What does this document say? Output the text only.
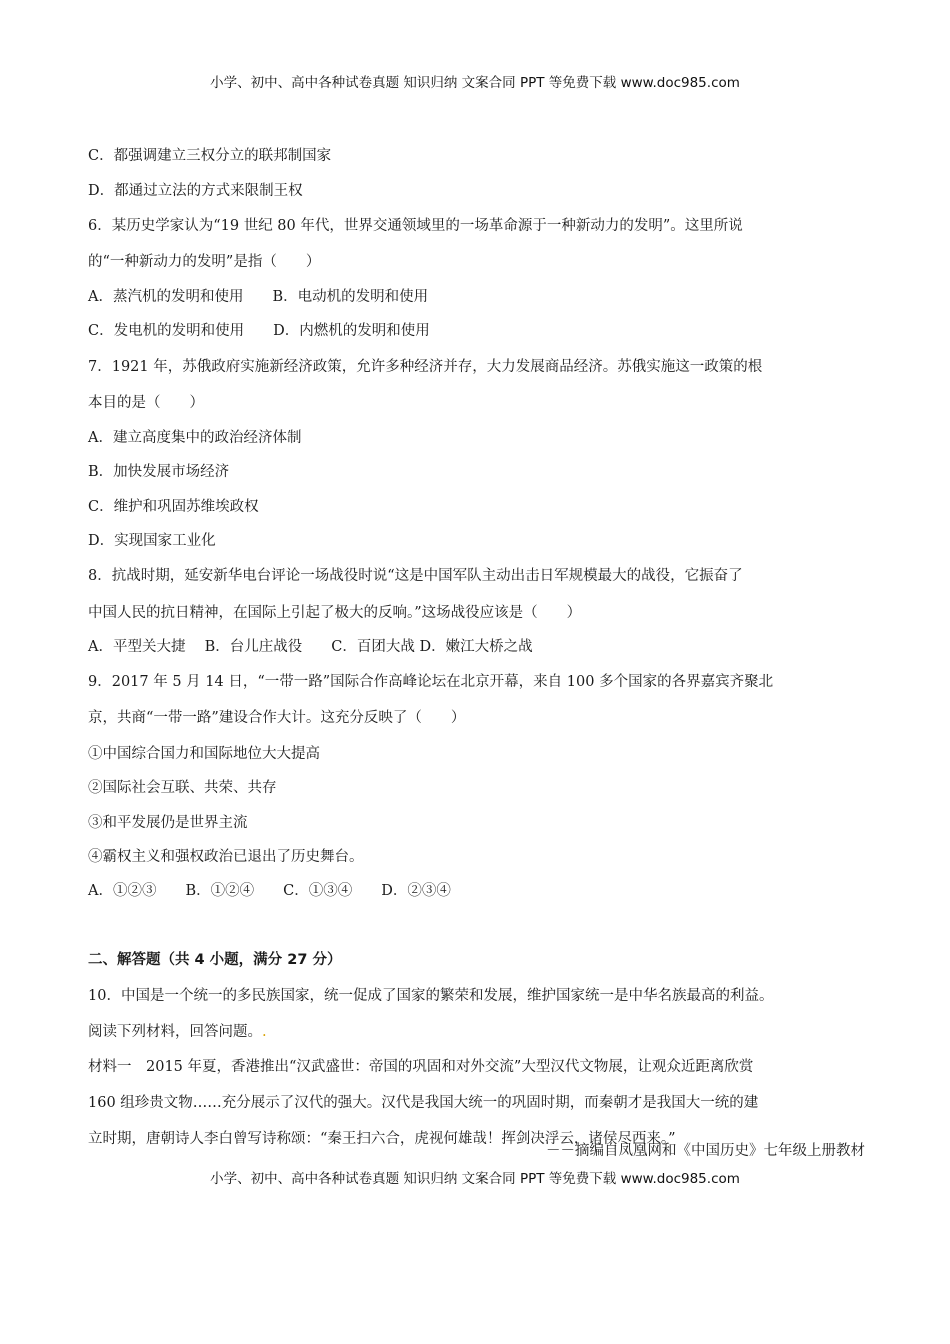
小学、初中、高中各种试卷真题 知识归纳 文案合同 PPT 等免费下载 www.doc985.com
C．都强调建立三权分立的联邦制国家
D．都通过立法的方式来限制王权
6．某历史学家认为“19 世纪 80 年代，世界交通领域里的一场革命源于一种新动力的发明”。这里所说
的“一种新动力的发明”是指（　　）
A．蒸汽机的发明和使用　　B．电动机的发明和使用
C．发电机的发明和使用　　D．内燃机的发明和使用
7．1921 年，苏俄政府实施新经济政策，允许多种经济并存，大力发展商品经济。苏俄实施这一政策的根
本目的是（　　）
A．建立高度集中的政治经济体制
B．加快发展市场经济
C．维护和巩固苏维埃政权
D．实现国家工业化
8．抗战时期，延安新华电台评论一场战役时说“这是中国军队主动出击日军规模最大的战役，它振奋了
中国人民的抗日精神，在国际上引起了极大的反响。”这场战役应该是（　　）
A．平型关大捷　 B．台儿庄战役　　C．百团大战 D．嫩江大桥之战
9．2017 年 5 月 14 日，“一带一路”国际合作高峰论坛在北京开幕，来自 100 多个国家的各界嘉宾齐聚北
京，共商“一带一路”建设合作大计。这充分反映了（　　）
①中国综合国力和国际地位大大提高
②国际社会互联、共荣、共存
③和平发展仍是世界主流
④霸权主义和强权政治已退出了历史舞台。
A．①②③　　B．①②④　　C．①③④　　D．②③④
二、解答题（共 4 小题，满分 27 分）
10．中国是一个统一的多民族国家，统一促成了国家的繁荣和发展，维护国家统一是中华名族最高的利益。
阅读下列材料，回答问题。.
材料一　2015 年夏，香港推出“汉武盛世：帝国的巩固和对外交流”大型汉代文物展，让观众近距离欣赏
160 组珍贵文物……充分展示了汉代的强大。汉代是我国大统一的巩固时期，而秦朝才是我国大一统的建
立时期，唐朝诗人李白曾写诗称颂：“秦王扫六合，虎视何雄哉！挥剑决浮云，诸侯尽西来。”
－－摘编自凤凰网和《中国历史》七年级上册教材
小学、初中、高中各种试卷真题 知识归纳 文案合同 PPT 等免费下载 www.doc985.com
